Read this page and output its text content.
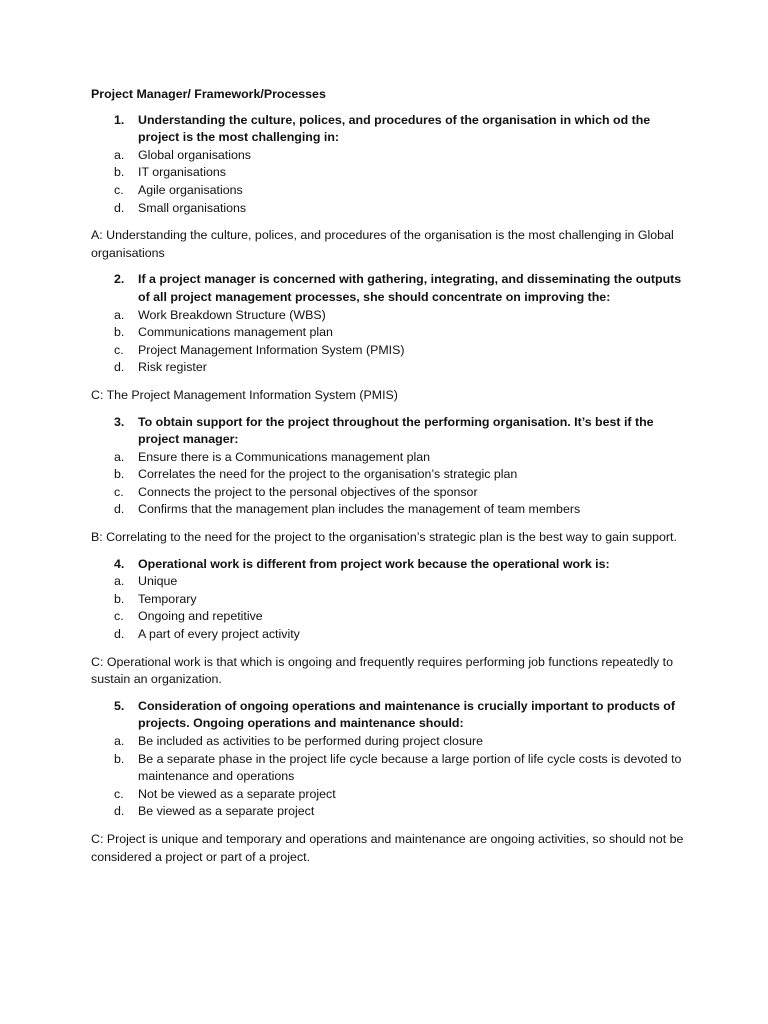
Project Manager/ Framework/Processes

1.	Understanding the culture, polices, and procedures of the organisation in which od the project is the most challenging in:
a.	Global organisations
b.	IT organisations
c.	Agile organisations
d.	Small organisations

A: Understanding the culture, polices, and procedures of the organisation is the most challenging in Global organisations

2.	If a project manager is concerned with gathering, integrating, and disseminating the outputs of all project management processes, she should concentrate on improving the:
a.	Work Breakdown Structure (WBS)
b.	Communications management plan
c.	Project Management Information System (PMIS)
d.	Risk register

C: The Project Management Information System (PMIS)

3.	To obtain support for the project throughout the performing organisation. It’s best if the project manager:
a.	Ensure there is a Communications management plan
b.	Correlates the need for the project to the organisation’s strategic plan
c.	Connects the project to the personal objectives of the sponsor
d.	Confirms that the management plan includes the management of team members

B: Correlating to the need for the project to the organisation’s strategic plan is the best way to gain support.

4.	Operational work is different from project work because the operational work is:
a.	Unique
b.	Temporary
c.	Ongoing and repetitive
d.	A part of every project activity

C: Operational work is that which is ongoing and frequently requires performing job functions repeatedly to sustain an organization.

5.	Consideration of ongoing operations and maintenance is crucially important to products of projects. Ongoing operations and maintenance should:
a.	Be included as activities to be performed during project closure
b.	Be a separate phase in the project life cycle because a large portion of life cycle costs is devoted to maintenance and operations
c.	Not be viewed as a separate project
d.	Be viewed as a separate project

C: Project is unique and temporary and operations and maintenance are ongoing activities, so should not be considered a project or part of a project.
